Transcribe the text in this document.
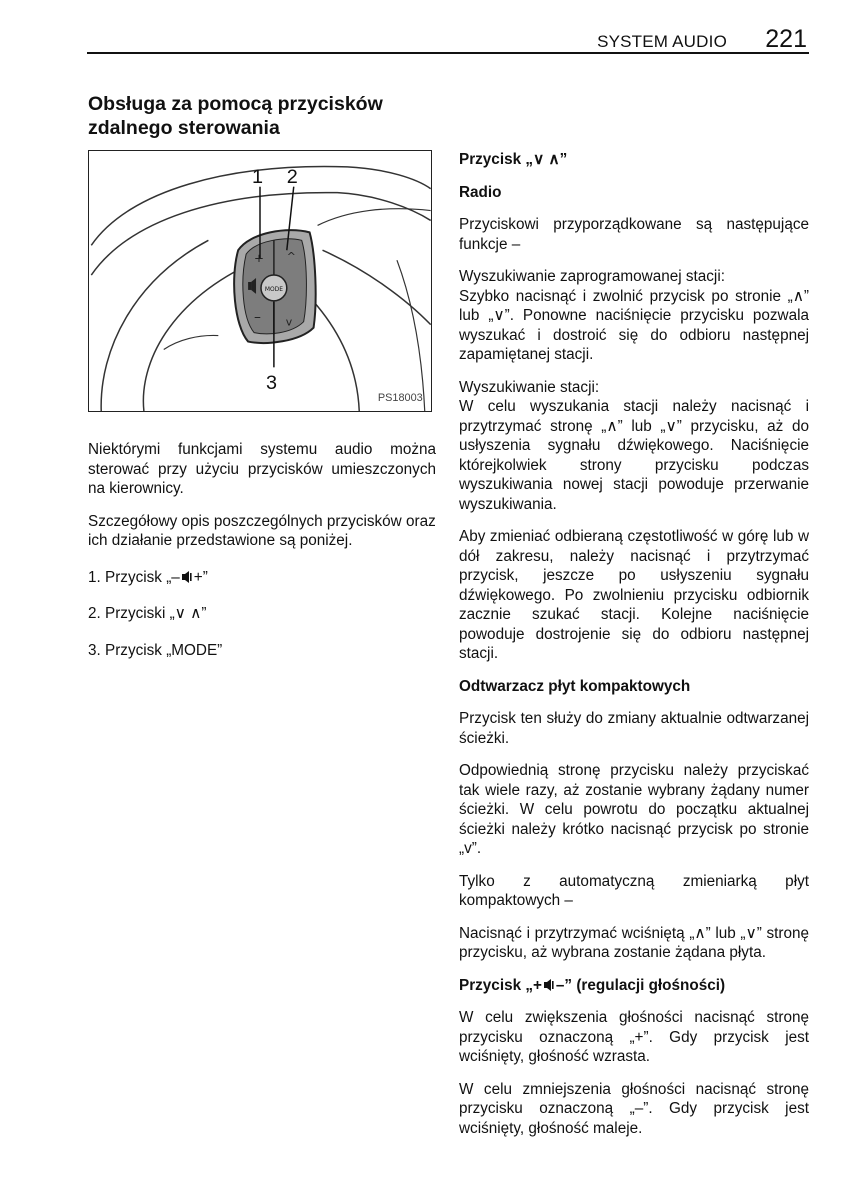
SYSTEM AUDIO 221
Obsługa za pomocą przycisków zdalnego sterowania
+ ^
– v
MODE
1 2
3
PS18003

Niektórymi funkcjami systemu audio można sterować przy użyciu przycisków umieszczonych na kierownicy.

Szczegółowy opis poszczególnych przycisków oraz ich działanie przedstawione są poniżej.

1. Przycisk „– +”
2. Przyciski „∨ ∧”
3. Przycisk „MODE”

Przycisk „∨ ∧”

Radio

Przyciskowi przyporządkowane są następujące funkcje –

Wyszukiwanie zaprogramowanej stacji:
Szybko nacisnąć i zwolnić przycisk po stronie „∧” lub „∨”. Ponowne naciśnięcie przycisku pozwala wyszukać i dostroić się do odbioru następnej zapamiętanej stacji.

Wyszukiwanie stacji:
W celu wyszukania stacji należy nacisnąć i przytrzymać stronę „∧” lub „∨” przycisku, aż do usłyszenia sygnału dźwiękowego. Naciśnięcie którejkolwiek strony przycisku podczas wyszukiwania nowej stacji powoduje przerwanie wyszukiwania.

Aby zmieniać odbieraną częstotliwość w górę lub w dół zakresu, należy nacisnąć i przytrzymać przycisk, jeszcze po usłyszeniu sygnału dźwiękowego. Po zwolnieniu przycisku odbiornik zacznie szukać stacji. Kolejne naciśnięcie powoduje dostrojenie się do odbioru następnej stacji.

Odtwarzacz płyt kompaktowych

Przycisk ten służy do zmiany aktualnie odtwarzanej ścieżki.

Odpowiednią stronę przycisku należy przyciskać tak wiele razy, aż zostanie wybrany żądany numer ścieżki. W celu powrotu do początku aktualnej ścieżki należy krótko nacisnąć przycisk po stronie „v”.

Tylko z automatyczną zmieniarką płyt kompaktowych –

Nacisnąć i przytrzymać wciśniętą „∧” lub „∨” stronę przycisku, aż wybrana zostanie żądana płyta.

Przycisk „+ –” (regulacji głośności)

W celu zwiększenia głośności nacisnąć stronę przycisku oznaczoną „+”. Gdy przycisk jest wciśnięty, głośność wzrasta.

W celu zmniejszenia głośności nacisnąć stronę przycisku oznaczoną „–”. Gdy przycisk jest wciśnięty, głośność maleje.
